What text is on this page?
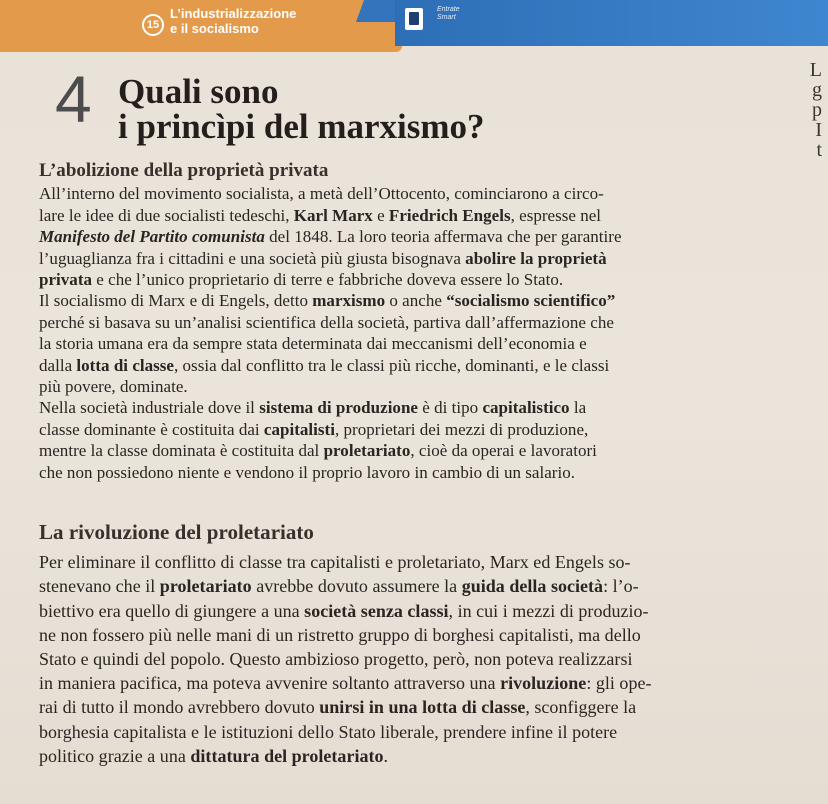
15
L’industrializzazione
e il socialismo
Entrate
Smart
L
g
p
I
t
4 Quali sono
i princìpi del marxismo?
L’abolizione della proprietà privata
All’interno del movimento socialista, a metà dell’Ottocento, cominciarono a circo-
lare le idee di due socialisti tedeschi, Karl Marx e Friedrich Engels, espresse nel
Manifesto del Partito comunista del 1848. La loro teoria affermava che per garantire
l’uguaglianza fra i cittadini e una società più giusta bisognava abolire la proprietà
privata e che l’unico proprietario di terre e fabbriche doveva essere lo Stato.
Il socialismo di Marx e di Engels, detto marxismo o anche “socialismo scientifico”
perché si basava su un’analisi scientifica della società, partiva dall’affermazione che
la storia umana era da sempre stata determinata dai meccanismi dell’economia e
dalla lotta di classe, ossia dal conflitto tra le classi più ricche, dominanti, e le classi
più povere, dominate.
Nella società industriale dove il sistema di produzione è di tipo capitalistico la
classe dominante è costituita dai capitalisti, proprietari dei mezzi di produzione,
mentre la classe dominata è costituita dal proletariato, cioè da operai e lavoratori
che non possiedono niente e vendono il proprio lavoro in cambio di un salario.
La rivoluzione del proletariato
Per eliminare il conflitto di classe tra capitalisti e proletariato, Marx ed Engels so-
stenevano che il proletariato avrebbe dovuto assumere la guida della società: l’o-
biettivo era quello di giungere a una società senza classi, in cui i mezzi di produzio-
ne non fossero più nelle mani di un ristretto gruppo di borghesi capitalisti, ma dello
Stato e quindi del popolo. Questo ambizioso progetto, però, non poteva realizzarsi
in maniera pacifica, ma poteva avvenire soltanto attraverso una rivoluzione: gli ope-
rai di tutto il mondo avrebbero dovuto unirsi in una lotta di classe, sconfiggere la
borghesia capitalista e le istituzioni dello Stato liberale, prendere infine il potere
politico grazie a una dittatura del proletariato.
